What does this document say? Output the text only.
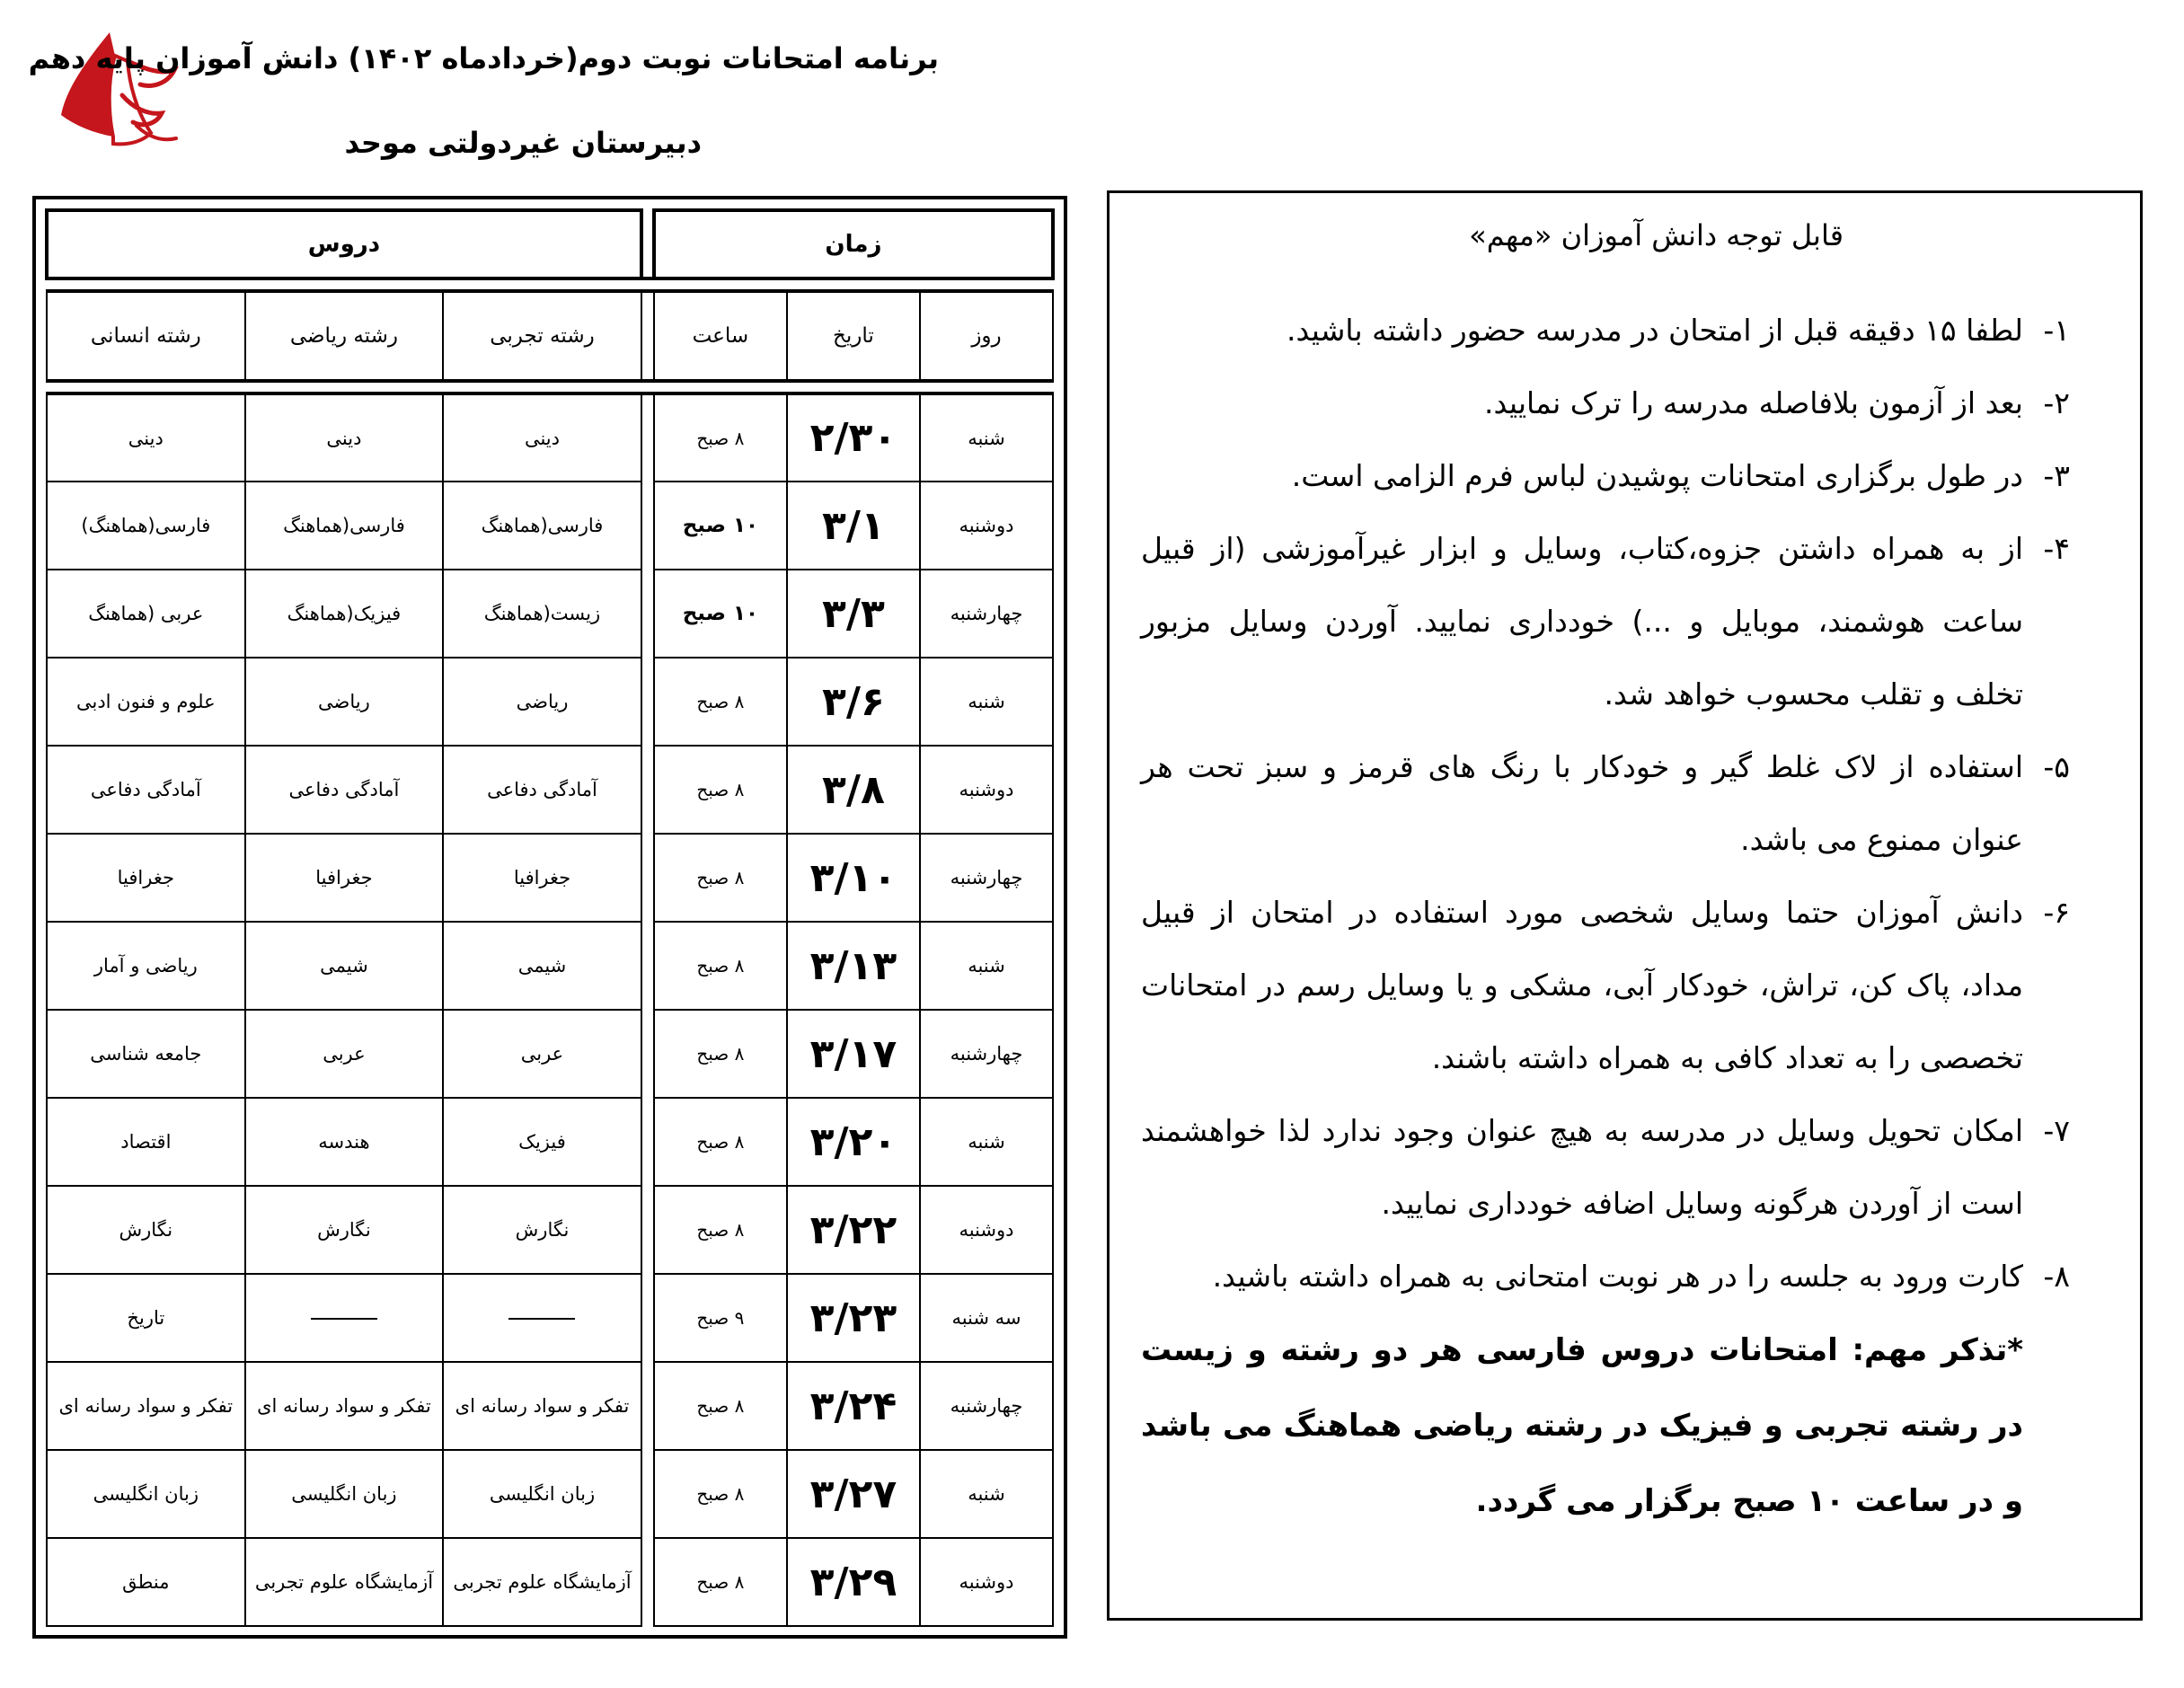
برنامه امتحانات نوبت دوم(خردادماه ۱۴۰۲) دانش آموزان پایه دهم
دبیرستان غیردولتی موحد
زمان				دروس		

روز	تاریخ	ساعت		رشته تجربی	رشته ریاضی	رشته انسانی

شنبه	۲/۳۰	۸ صبح		دینی	دینی	دینی
دوشنبه	۳/۱	۱۰ صبح		فارسی(هماهنگ	فارسی(هماهنگ	فارسی(هماهنگ)
چهارشنبه	۳/۳	۱۰ صبح		زیست(هماهنگ	فیزیک(هماهنگ	عربی (هماهنگ
شنبه	۳/۶	۸ صبح		ریاضی	ریاضی	علوم و فنون ادبی
دوشنبه	۳/۸	۸ صبح		آمادگی دفاعی	آمادگی دفاعی	آمادگی دفاعی
چهارشنبه	۳/۱۰	۸ صبح		جغرافیا	جغرافیا	جغرافیا
شنبه	۳/۱۳	۸ صبح		شیمی	شیمی	ریاضی و آمار
چهارشنبه	۳/۱۷	۸ صبح		عربی	عربی	جامعه شناسی
شنبه	۳/۲۰	۸ صبح		فیزیک	هندسه	اقتصاد
دوشنبه	۳/۲۲	۸ صبح		نگارش	نگارش	نگارش
سه شنبه	۳/۲۳	۹ صبح				تاریخ
چهارشنبه	۳/۲۴	۸ صبح		تفکر و سواد رسانه ای	تفکر و سواد رسانه ای	تفکر و سواد رسانه ای
شنبه	۳/۲۷	۸ صبح		زبان انگلیسی	زبان انگلیسی	زبان انگلیسی
دوشنبه	۳/۲۹	۸ صبح		آزمایشگاه علوم تجربی	آزمایشگاه علوم تجربی	منطق
قابل توجه دانش آموزان «مهم»
۱-
لطفا ۱۵ دقیقه قبل از امتحان در مدرسه حضور داشته باشید.
۲-
بعد از آزمون بلافاصله مدرسه را ترک نمایید.
۳-
در طول برگزاری امتحانات پوشیدن لباس فرم الزامی است.
۴-
از به همراه داشتن جزوه،کتاب، وسایل و ابزار غیرآموزشی (از قبیل ساعت هوشمند، موبایل و ...) خودداری نمایید. آوردن وسایل مزبور تخلف و تقلب محسوب خواهد شد.
۵-
استفاده از لاک غلط گیر و خودکار با رنگ های قرمز و سبز تحت هر عنوان ممنوع می باشد.
۶-
دانش آموزان حتما وسایل شخصی مورد استفاده در امتحان از قبیل مداد، پاک کن، تراش، خودکار آبی، مشکی و یا وسایل رسم در امتحانات تخصصی را به تعداد کافی به همراه داشته باشند.
۷-
امکان تحویل وسایل در مدرسه به هیچ عنوان وجود ندارد لذا خواهشمند است از آوردن هرگونه وسایل اضافه خودداری نمایید.
۸-
کارت ورود به جلسه را در هر نوبت امتحانی به همراه داشته باشید.
*تذکر مهم: امتحانات دروس فارسی هر دو رشته و زیست در رشته تجربی و فیزیک در رشته ریاضی هماهنگ می باشد و در ساعت ۱۰ صبح برگزار می گردد.
